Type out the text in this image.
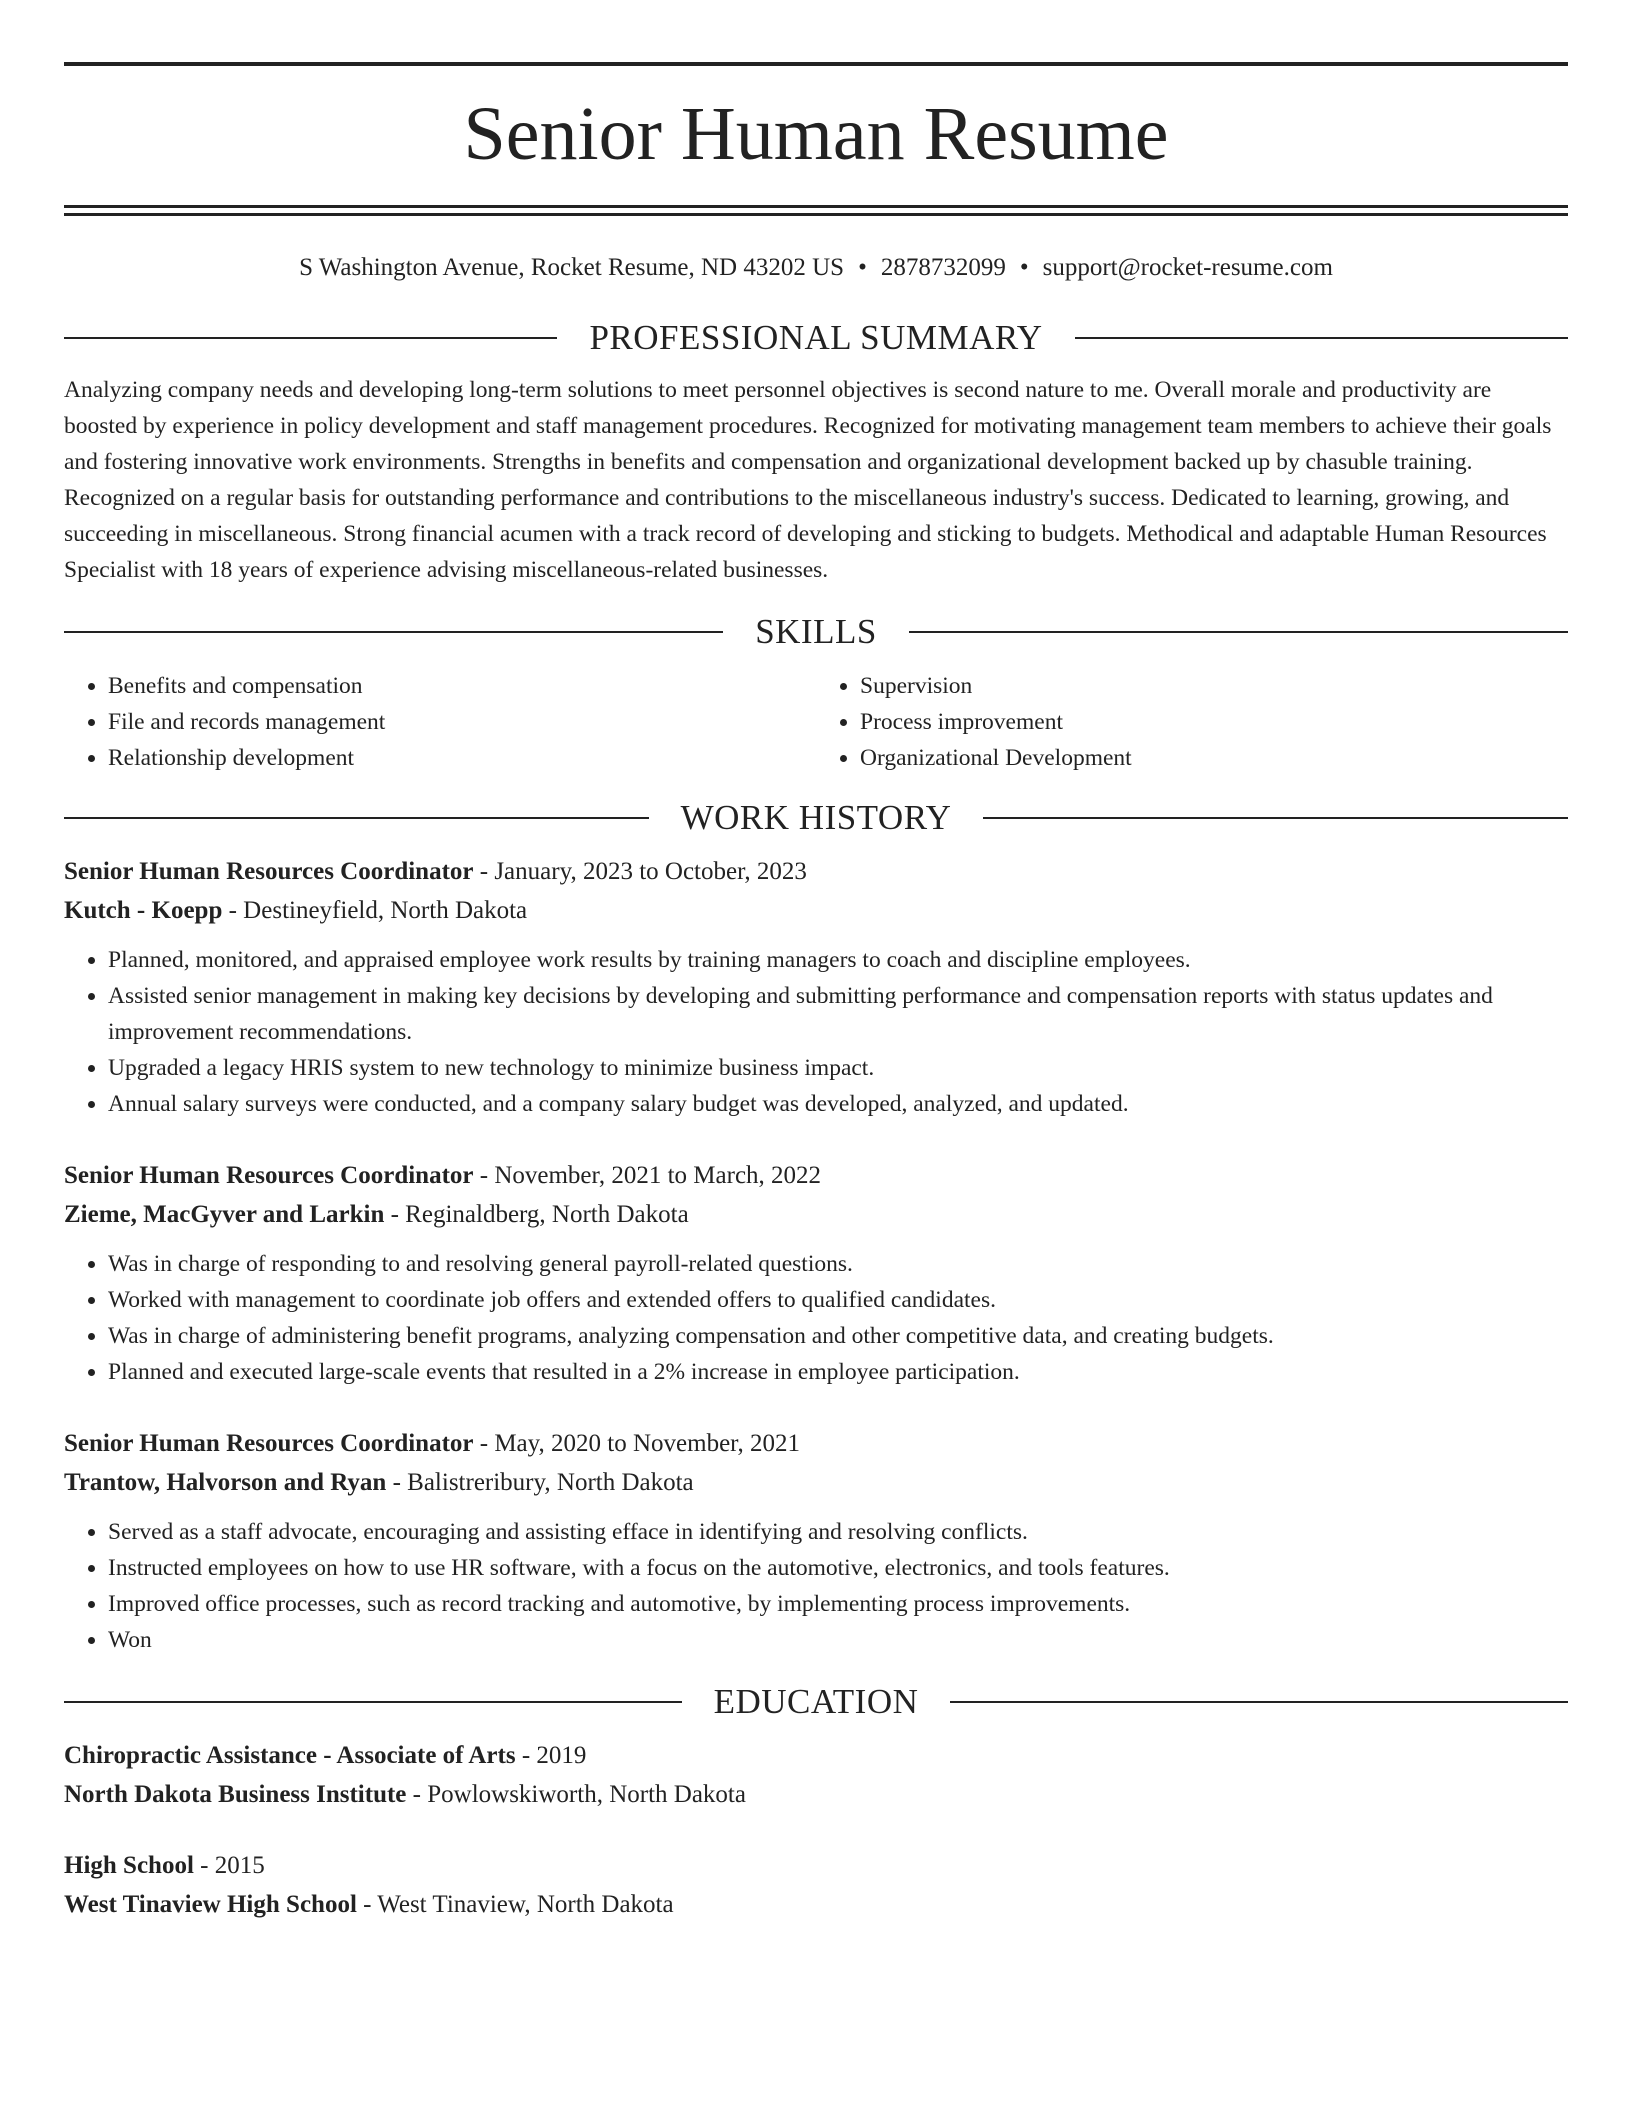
Senior Human Resume
S Washington Avenue, Rocket Resume, ND 43202 US • 2878732099 • support@rocket-resume.com
PROFESSIONAL SUMMARY
Analyzing company needs and developing long-term solutions to meet personnel objectives is second nature to me. Overall morale and productivity are boosted by experience in policy development and staff management procedures. Recognized for motivating management team members to achieve their goals and fostering innovative work environments. Strengths in benefits and compensation and organizational development backed up by chasuble training. Recognized on a regular basis for outstanding performance and contributions to the miscellaneous industry's success. Dedicated to learning, growing, and succeeding in miscellaneous. Strong financial acumen with a track record of developing and sticking to budgets. Methodical and adaptable Human Resources Specialist with 18 years of experience advising miscellaneous-related businesses.
SKILLS
• Benefits and compensation
• File and records management
• Relationship development
• Supervision
• Process improvement
• Organizational Development
WORK HISTORY
Senior Human Resources Coordinator - January, 2023 to October, 2023
Kutch - Koepp - Destineyfield, North Dakota
• Planned, monitored, and appraised employee work results by training managers to coach and discipline employees.
• Assisted senior management in making key decisions by developing and submitting performance and compensation reports with status updates and improvement recommendations.
• Upgraded a legacy HRIS system to new technology to minimize business impact.
• Annual salary surveys were conducted, and a company salary budget was developed, analyzed, and updated.
Senior Human Resources Coordinator - November, 2021 to March, 2022
Zieme, MacGyver and Larkin - Reginaldberg, North Dakota
• Was in charge of responding to and resolving general payroll-related questions.
• Worked with management to coordinate job offers and extended offers to qualified candidates.
• Was in charge of administering benefit programs, analyzing compensation and other competitive data, and creating budgets.
• Planned and executed large-scale events that resulted in a 2% increase in employee participation.
Senior Human Resources Coordinator - May, 2020 to November, 2021
Trantow, Halvorson and Ryan - Balistreribury, North Dakota
• Served as a staff advocate, encouraging and assisting efface in identifying and resolving conflicts.
• Instructed employees on how to use HR software, with a focus on the automotive, electronics, and tools features.
• Improved office processes, such as record tracking and automotive, by implementing process improvements.
• Won
EDUCATION
Chiropractic Assistance - Associate of Arts - 2019
North Dakota Business Institute - Powlowskiworth, North Dakota
High School - 2015
West Tinaview High School - West Tinaview, North Dakota
